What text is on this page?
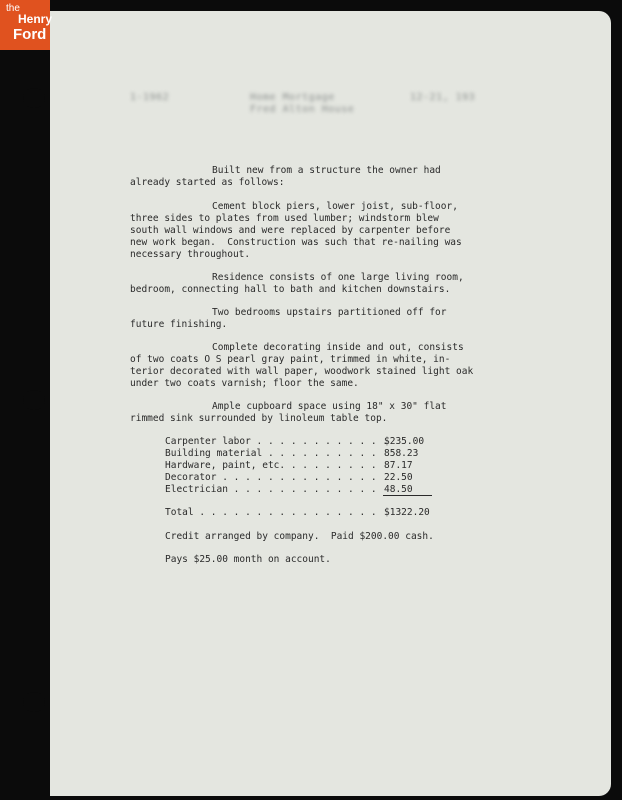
the
Henry
Ford
1-1962	Home Mortgage
Fred Alton House
12-21, 193
Built new from a structure the owner had
already started as follows:
Cement block piers, lower joist, sub-floor,
three sides to plates from used lumber; windstorm blew
south wall windows and were replaced by carpenter before
new work began.  Construction was such that re-nailing was
necessary throughout.
Residence consists of one large living room,
bedroom, connecting hall to bath and kitchen downstairs.
Two bedrooms upstairs partitioned off for
future finishing.
Complete decorating inside and out, consists
of two coats O S pearl gray paint, trimmed in white, in-
terior decorated with wall paper, woodwork stained light oak
under two coats varnish; floor the same.
Ample cupboard space using 18" x 30" flat
rimmed sink surrounded by linoleum table top.
Carpenter labor . . . . . . . . . . . .
$235.00
Building material . . . . . . . . . . 858.23
Hardware, paint, etc. . . . . . . . . 87.17
Decorator . . . . . . . . . . . . . . 22.50
Electrician . . . . . . . . . . . . . 48.50
Total . . . . . . . . . . . . . . . . $1322.20
Credit arranged by company.  Paid $200.00 cash.
Pays $25.00 month on account.
